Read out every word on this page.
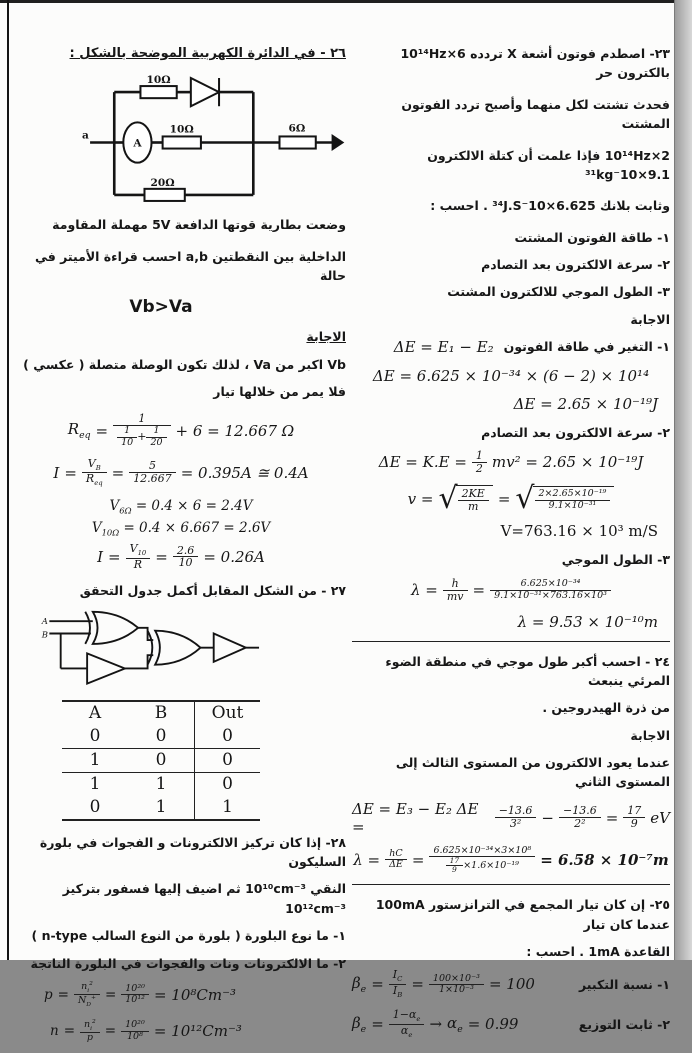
٢٣- اصطدم فوتون أشعة X تردده 6×10¹⁴Hz بالكترون حر

فحدث تشتت لكل منهما وأصبح تردد الفوتون المشتت

2×10¹⁴Hz فإذا علمت أن كتلة الالكترون 9.1×10⁻³¹kg

وثابت بلانك 6.625×10⁻³⁴J.S . احسب :

١- طاقة الفوتون المشتت

٢- سرعة الالكترون بعد التصادم

٣- الطول الموجي للالكترون المشتت

الاجابة

١- التغير في طاقة الفوتون
ΔE = E₁ − E₂
ΔE = 6.625 × 10⁻³⁴ × (6 − 2) × 10¹⁴
ΔE = 2.65 × 10⁻¹⁹J

٢- سرعة الالكترون بعد التصادم

$\Delta E = K.E = \frac{1}{2} mv^2 = 2.65 \times 10^{-19}J$
v = √ $\frac{2KE}{m}$ = √ $\frac{\text{2×2.65×10⁻¹⁹}}{\text{9.1×10⁻³¹}}$
V=763.16 × 10³ m/S

٣- الطول الموجي

$\lambda = \frac{h}{mv} = \frac{\text{6.625×10⁻³⁴}}{\text{9.1×10⁻³¹×763.16×10³}}$
λ = 9.53 × 10⁻¹⁰m

٢٤ - احسب أكبر طول موجي في منطقة الضوء المرئي ينبعث

من ذرة الهيدروجين .

الاجابة

عندما يعود الالكترون من المستوى الثالث إلى المستوى الثاني

ΔE = E₃ − E₂ ΔE =	$\frac{-13.6}{\text{3²}} - \frac{-13.6}{\text{2²}} = \frac{17}{9}$ eV
$\lambda = \frac{hC}{\Delta E} = \frac{\text{6.625×10⁻³⁴×3×10⁸}}{\frac{17}{9} \times 1.6\times 10^{-19}} = 6.58 \times 10^{-7}m$

٢٥- إن كان تيار المجمع في الترانزستور 100mA عندما كان تيار

القاعدة 1mA . احسب :

١- نسبة التكبير
$\beta_e = \frac{I_C}{I_B} = \frac{\text{100×10⁻³}}{\text{1×10⁻³}} = 100$
٢- ثابت التوزيع
$\beta_e = \frac{1-\alpha_e}{\alpha_e} \to \alpha_e = 0.99$

٢٦ - في الدائرة الكهربية الموضحة بالشكل :

10Ω
10Ω
20Ω
6Ω
A
a

وضعت بطارية قوتها الدافعة 5V مهملة المقاومة

الداخلية بين النقطتين a,b احسب قراءة الأميتر في حالة

Vb>Va

الاجابة

Vb اكبر من Va ، لذلك تكون الوصلة متصلة ( عكسي )

فلا يمر من خلالها تيار

$R_{eq} = \frac{1}{\frac{1}{10} + \frac{1}{20}} + 6 = 12.667$ Ω
$I = \frac{V_B}{R_{eq}} = \frac{5}{12.667} = 0.395A$ ≅ 0.4A
$V_{6\Omega} = 0.4 \times 6 = 2.4V$
$V_{10\Omega} = 0.4 \times 6.667 = 2.6V$
$I = \frac{V_{10}}{R} = \frac{2.6}{10} = 0.26A$

٢٧ - من الشكل المقابل أكمل جدول التحقق

A
B
A	B	Out
0	0	0
1	0	0
1	1	0
0	1	1

٢٨- إذا كان تركيز الالكترونات و الفجوات في بلورة السليكون

النقي 10¹⁰cm⁻³ ثم اضيف إليها فسفور بتركيز 10¹²cm⁻³

١- ما نوع البلورة ( بلورة من النوع السالب n-type )

٢- ما الالكترونات ونات والفجوات في البلورة الناتجة

$p = \frac{n_i^2}{N_D^+} = \frac{\text{10²⁰}}{\text{10¹²}} = 10^8Cm^{-3}$
$n = \frac{n_i^2}{p} = \frac{\text{10²⁰}}{\text{10⁸}} = 10^{12}Cm^{-3}$
